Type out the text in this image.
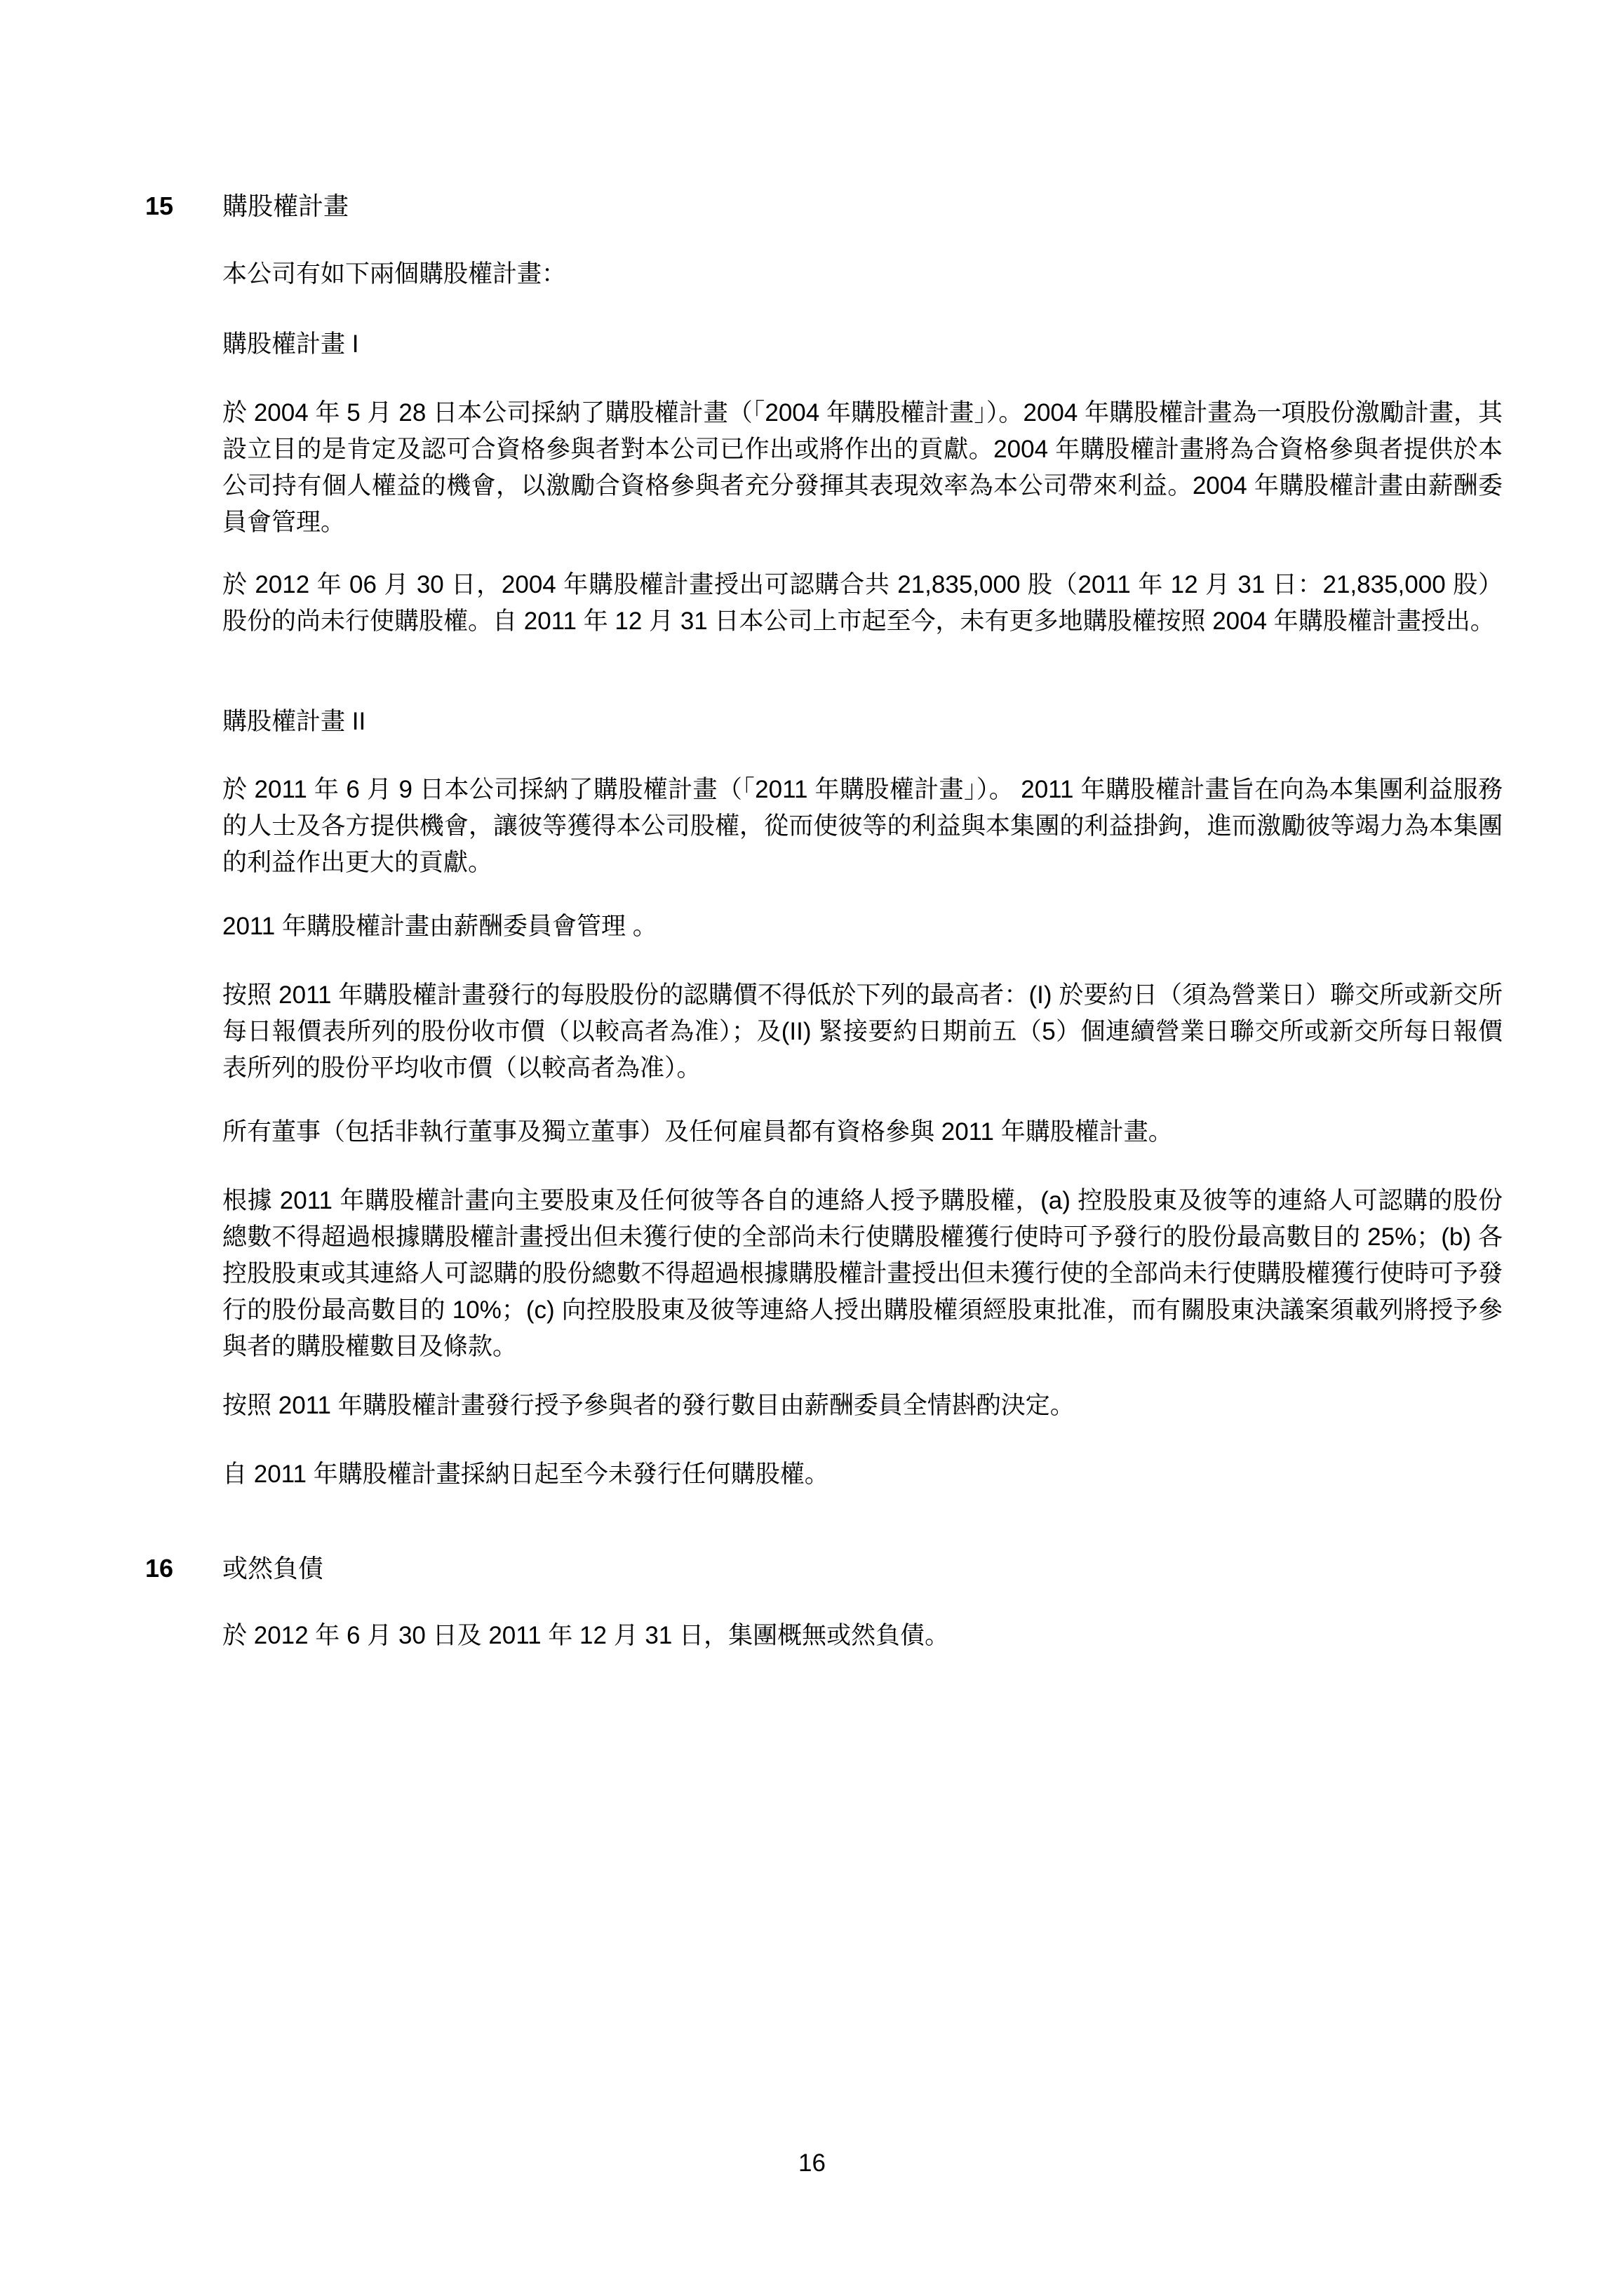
15 購股權計畫
本公司有如下兩個購股權計畫：
購股權計畫 I
於 2004 年 5 月 28 日本公司採納了購股權計畫（「2004 年購股權計畫」）。2004 年購股權計畫為一項股份激勵計畫，其設立目的是肯定及認可合資格參與者對本公司已作出或將作出的貢獻。2004 年購股權計畫將為合資格參與者提供於本公司持有個人權益的機會，以激勵合資格參與者充分發揮其表現效率為本公司帶來利益。2004 年購股權計畫由薪酬委員會管理。
於 2012 年 06 月 30 日，2004 年購股權計畫授出可認購合共 21,835,000 股（2011 年 12 月 31 日：21,835,000 股）股份的尚未行使購股權。自 2011 年 12 月 31 日本公司上市起至今，未有更多地購股權按照 2004 年購股權計畫授出。
購股權計畫 II
於 2011 年 6 月 9 日本公司採納了購股權計畫（「2011 年購股權計畫」）。 2011 年購股權計畫旨在向為本集團利益服務的人士及各方提供機會，讓彼等獲得本公司股權，從而使彼等的利益與本集團的利益掛鉤，進而激勵彼等竭力為本集團的利益作出更大的貢獻。
2011 年購股權計畫由薪酬委員會管理 。
按照 2011 年購股權計畫發行的每股股份的認購價不得低於下列的最高者：(I) 於要約日（須為營業日）聯交所或新交所每日報價表所列的股份收市價（以較高者為准）；及(II) 緊接要約日期前五（5）個連續營業日聯交所或新交所每日報價表所列的股份平均收市價（以較高者為准）。
所有董事（包括非執行董事及獨立董事）及任何雇員都有資格參與 2011 年購股權計畫。
根據 2011 年購股權計畫向主要股東及任何彼等各自的連絡人授予購股權，(a) 控股股東及彼等的連絡人可認購的股份總數不得超過根據購股權計畫授出但未獲行使的全部尚未行使購股權獲行使時可予發行的股份最高數目的 25%；(b) 各控股股東或其連絡人可認購的股份總數不得超過根據購股權計畫授出但未獲行使的全部尚未行使購股權獲行使時可予發行的股份最高數目的 10%；(c) 向控股股東及彼等連絡人授出購股權須經股東批准，而有關股東決議案須載列將授予參與者的購股權數目及條款。
按照 2011 年購股權計畫發行授予參與者的發行數目由薪酬委員全情斟酌決定。
自 2011 年購股權計畫採納日起至今未發行任何購股權。
16 或然負債
於 2012 年 6 月 30 日及 2011 年 12 月 31 日，集團概無或然負債。
16
